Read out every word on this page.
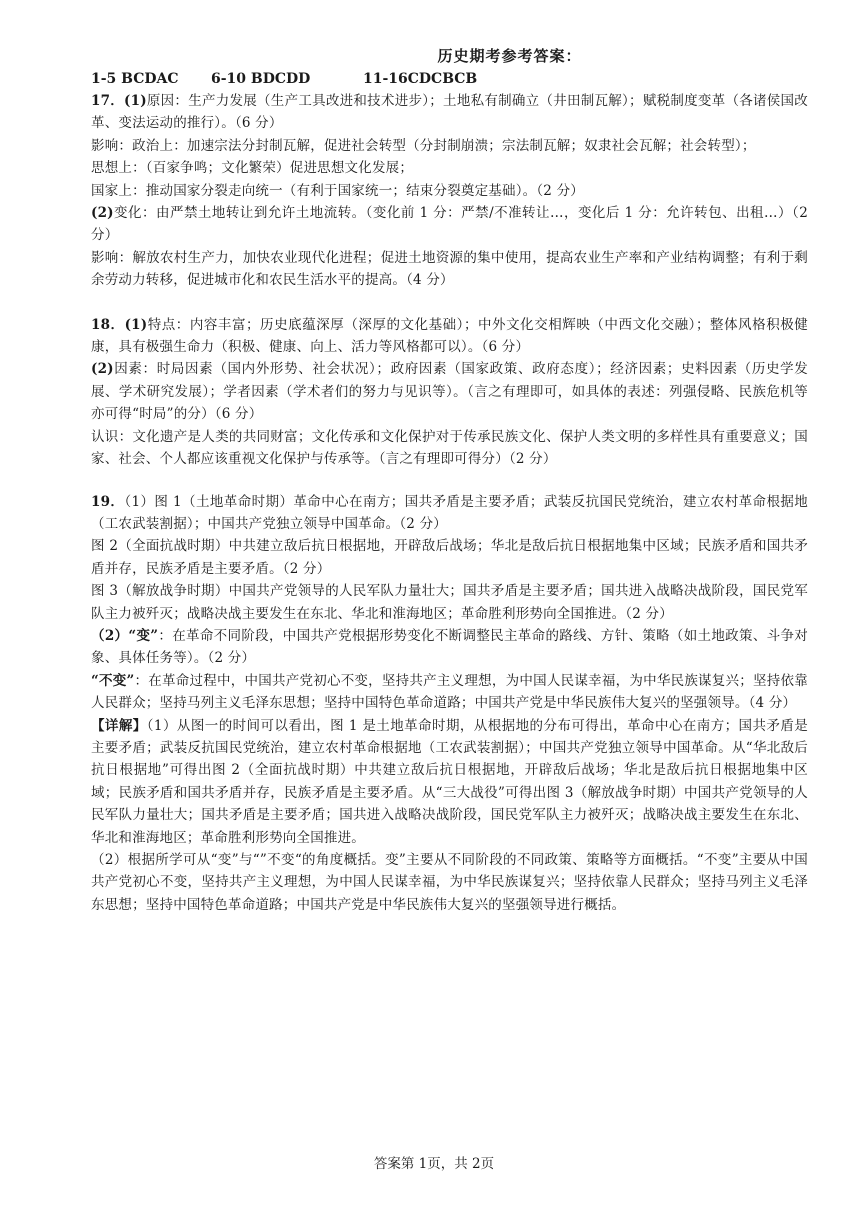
历史期考参考答案：
1-5 BCDAC	6-10 BDCDD	11-16CDCBCB
17．(1)原因：生产力发展（生产工具改进和技术进步）；土地私有制确立（井田制瓦解）；赋税制度变革（各诸侯国改革、变法运动的推行）。（6 分）
影响：政治上：加速宗法分封制瓦解，促进社会转型（分封制崩溃；宗法制瓦解；奴隶社会瓦解；社会转型）；
思想上：（百家争鸣；文化繁荣）促进思想文化发展；
国家上：推动国家分裂走向统一（有利于国家统一；结束分裂奠定基础）。（2 分）
(2)变化：由严禁土地转让到允许土地流转。（变化前 1 分：严禁/不准转让…，变化后 1 分：允许转包、出租…）（2 分）
影响：解放农村生产力，加快农业现代化进程；促进土地资源的集中使用，提高农业生产率和产业结构调整；有利于剩余劳动力转移，促进城市化和农民生活水平的提高。（4 分）
18．(1)特点：内容丰富；历史底蕴深厚（深厚的文化基础）；中外文化交相辉映（中西文化交融）；整体风格积极健康，具有极强生命力（积极、健康、向上、活力等风格都可以）。（6 分）
(2)因素：时局因素（国内外形势、社会状况）；政府因素（国家政策、政府态度）；经济因素；史料因素（历史学发展、学术研究发展）；学者因素（学术者们的努力与见识等）。（言之有理即可，如具体的表述：列强侵略、民族危机等亦可得“时局”的分）（6 分）
认识：文化遗产是人类的共同财富；文化传承和文化保护对于传承民族文化、保护人类文明的多样性具有重要意义；国家、社会、个人都应该重视文化保护与传承等。（言之有理即可得分）（2 分）
19．（1）图 1（土地革命时期）革命中心在南方；国共矛盾是主要矛盾；武装反抗国民党统治，建立农村革命根据地（工农武装割据）；中国共产党独立领导中国革命。（2 分）
图 2（全面抗战时期）中共建立敌后抗日根据地，开辟敌后战场；华北是敌后抗日根据地集中区域；民族矛盾和国共矛盾并存，民族矛盾是主要矛盾。（2 分）
图 3（解放战争时期）中国共产党领导的人民军队力量壮大；国共矛盾是主要矛盾；国共进入战略决战阶段，国民党军队主力被歼灭；战略决战主要发生在东北、华北和淮海地区；革命胜利形势向全国推进。（2 分）
（2）“变”：在革命不同阶段，中国共产党根据形势变化不断调整民主革命的路线、方针、策略（如土地政策、斗争对象、具体任务等）。（2 分）
“不变”：在革命过程中，中国共产党初心不变，坚持共产主义理想，为中国人民谋幸福，为中华民族谋复兴；坚持依靠人民群众；坚持马列主义毛泽东思想；坚持中国特色革命道路；中国共产党是中华民族伟大复兴的坚强领导。（4 分）
【详解】（1）从图一的时间可以看出，图 1 是土地革命时期，从根据地的分布可得出，革命中心在南方；国共矛盾是主要矛盾；武装反抗国民党统治，建立农村革命根据地（工农武装割据）；中国共产党独立领导中国革命。从“华北敌后抗日根据地”可得出图 2（全面抗战时期）中共建立敌后抗日根据地，开辟敌后战场；华北是敌后抗日根据地集中区域；民族矛盾和国共矛盾并存，民族矛盾是主要矛盾。从“三大战役”可得出图 3（解放战争时期）中国共产党领导的人民军队力量壮大；国共矛盾是主要矛盾；国共进入战略决战阶段，国民党军队主力被歼灭；战略决战主要发生在东北、华北和淮海地区；革命胜利形势向全国推进。
（2）根据所学可从“变”与“”不变“的角度概括。变”主要从不同阶段的不同政策、策略等方面概括。“不变”主要从中国共产党初心不变，坚持共产主义理想，为中国人民谋幸福，为中华民族谋复兴；坚持依靠人民群众；坚持马列主义毛泽东思想；坚持中国特色革命道路；中国共产党是中华民族伟大复兴的坚强领导进行概括。
答案第 1页，共 2页
